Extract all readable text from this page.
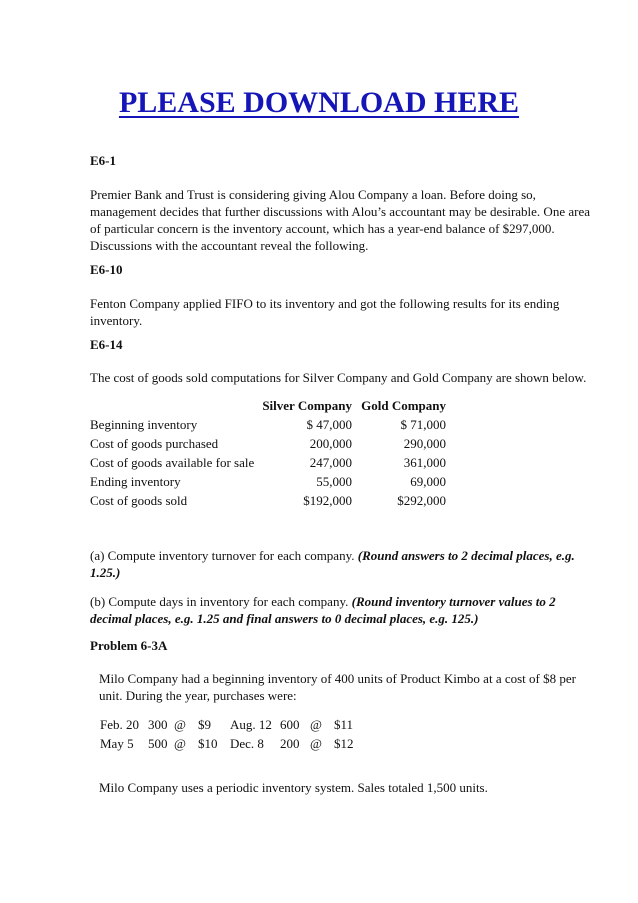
PLEASE DOWNLOAD HERE
E6-1
Premier Bank and Trust is considering giving Alou Company a loan. Before doing so,
management decides that further discussions with Alou’s accountant may be desirable. One area
of particular concern is the inventory account, which has a year-end balance of $297,000.
Discussions with the accountant reveal the following.
E6-10
Fenton Company applied FIFO to its inventory and got the following results for its ending
inventory.
E6-14
The cost of goods sold computations for Silver Company and Gold Company are shown below.
	Silver Company	Gold Company
Beginning inventory	$ 47,000	$ 71,000
Cost of goods purchased	200,000	290,000
Cost of goods available for sale	247,000	361,000
Ending inventory	55,000	69,000
Cost of goods sold	$192,000	$292,000
(a) Compute inventory turnover for each company. (Round answers to 2 decimal places, e.g.
1.25.)
(b) Compute days in inventory for each company. (Round inventory turnover values to 2
decimal places, e.g. 1.25 and final answers to 0 decimal places, e.g. 125.)
Problem 6-3A
Milo Company had a beginning inventory of 400 units of Product Kimbo at a cost of $8 per
unit. During the year, purchases were:
Feb. 20	300	@	$9	Aug. 12	600	@	$11
May 5	500	@	$10	Dec. 8	200	@	$12
Milo Company uses a periodic inventory system. Sales totaled 1,500 units.
